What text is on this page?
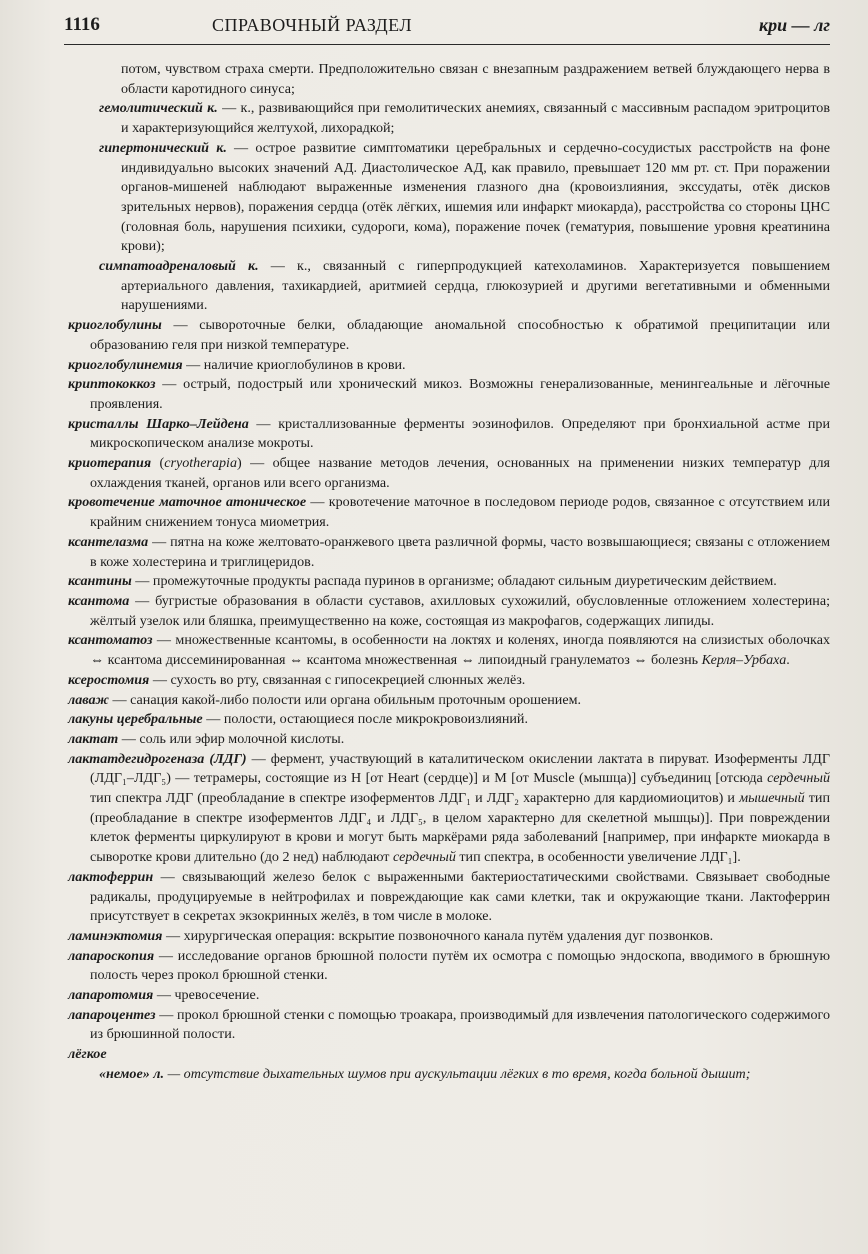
1116	СПРАВОЧНЫЙ РАЗДЕЛ	кри — лг

потом, чувством страха смерти. Предположительно связан с внезапным раздражением ветвей блуждающего нерва в области каротидного синуса;

гемолитический к. — к., развивающийся при гемолитических анемиях, связанный с массивным распадом эритроцитов и характеризующийся желтухой, лихорадкой;

гипертонический к. — острое развитие симптоматики церебральных и сердечно-сосудистых расстройств на фоне индивидуально высоких значений АД. Диастолическое АД, как правило, превышает 120 мм рт. ст. При поражении органов-мишеней наблюдают выраженные изменения глазного дна (кровоизлияния, экссудаты, отёк дисков зрительных нервов), поражения сердца (отёк лёгких, ишемия или инфаркт миокарда), расстройства со стороны ЦНС (головная боль, нарушения психики, судороги, кома), поражение почек (гематурия, повышение уровня креатинина крови);

симпатоадреналовый к. — к., связанный с гиперпродукцией катехоламинов. Характеризуется повышением артериального давления, тахикардией, аритмией сердца, глюкозурией и другими вегетативными и обменными нарушениями.

криоглобулины — сывороточные белки, обладающие аномальной способностью к обратимой преципитации или образованию геля при низкой температуре.

криоглобулинемия — наличие криоглобулинов в крови.

криптококкоз — острый, подострый или хронический микоз. Возможны генерализованные, менингеальные и лёгочные проявления.

кристаллы Шарко–Лейдена — кристаллизованные ферменты эозинофилов. Определяют при бронхиальной астме при микроскопическом анализе мокроты.

криотерапия (cryotherapia) — общее название методов лечения, основанных на применении низких температур для охлаждения тканей, органов или всего организма.

кровотечение маточное атоническое — кровотечение маточное в последовом периоде родов, связанное с отсутствием или крайним снижением тонуса миометрия.

ксантелазма — пятна на коже желтовато-оранжевого цвета различной формы, часто возвышающиеся; связаны с отложением в коже холестерина и триглицеридов.

ксантины — промежуточные продукты распада пуринов в организме; обладают сильным диуретическим действием.

ксантома — бугристые образования в области суставов, ахилловых сухожилий, обусловленные отложением холестерина; жёлтый узелок или бляшка, преимущественно на коже, состоящая из макрофагов, содержащих липиды.

ксантоматоз — множественные ксантомы, в особенности на локтях и коленях, иногда появляются на слизистых оболочках ⇔ ксантома диссеминированная ⇔ ксантома множественная ⇔ липоидный гранулематоз ⇔ болезнь Керля–Урбаха.

ксеростомия — сухость во рту, связанная с гипосекрецией слюнных желёз.

лаваж — санация какой-либо полости или органа обильным проточным орошением.

лакуны церебральные — полости, остающиеся после микрокровоизлияний.

лактат — соль или эфир молочной кислоты.

лактатдегидрогеназа (ЛДГ) — фермент, участвующий в каталитическом окислении лактата в пируват. Изоферменты ЛДГ (ЛДГ₁–ЛДГ₅) — тетрамеры, состоящие из Н [от Heart (сердце)] и М [от Muscle (мышца)] субъединиц [отсюда сердечный тип спектра ЛДГ (преобладание в спектре изоферментов ЛДГ₁ и ЛДГ₂ характерно для кардиомиоцитов) и мышечный тип (преобладание в спектре изоферментов ЛДГ₄ и ЛДГ₅, в целом характерно для скелетной мышцы)]. При повреждении клеток ферменты циркулируют в крови и могут быть маркёрами ряда заболеваний [например, при инфаркте миокарда в сыворотке крови длительно (до 2 нед) наблюдают сердечный тип спектра, в особенности увеличение ЛДГ₁].

лактоферрин — связывающий железо белок с выраженными бактериостатическими свойствами. Связывает свободные радикалы, продуцируемые в нейтрофилах и повреждающие как сами клетки, так и окружающие ткани. Лактоферрин присутствует в секретах экзокринных желёз, в том числе в молоке.

ламинэктомия — хирургическая операция: вскрытие позвоночного канала путём удаления дуг позвонков.

лапароскопия — исследование органов брюшной полости путём их осмотра с помощью эндоскопа, вводимого в брюшную полость через прокол брюшной стенки.

лапаротомия — чревосечение.

лапароцентез — прокол брюшной стенки с помощью троакара, производимый для извлечения патологического содержимого из брюшинной полости.

лёгкое

«немое» л. — отсутствие дыхательных шумов при аускультации лёгких в то время, когда больной дышит;
